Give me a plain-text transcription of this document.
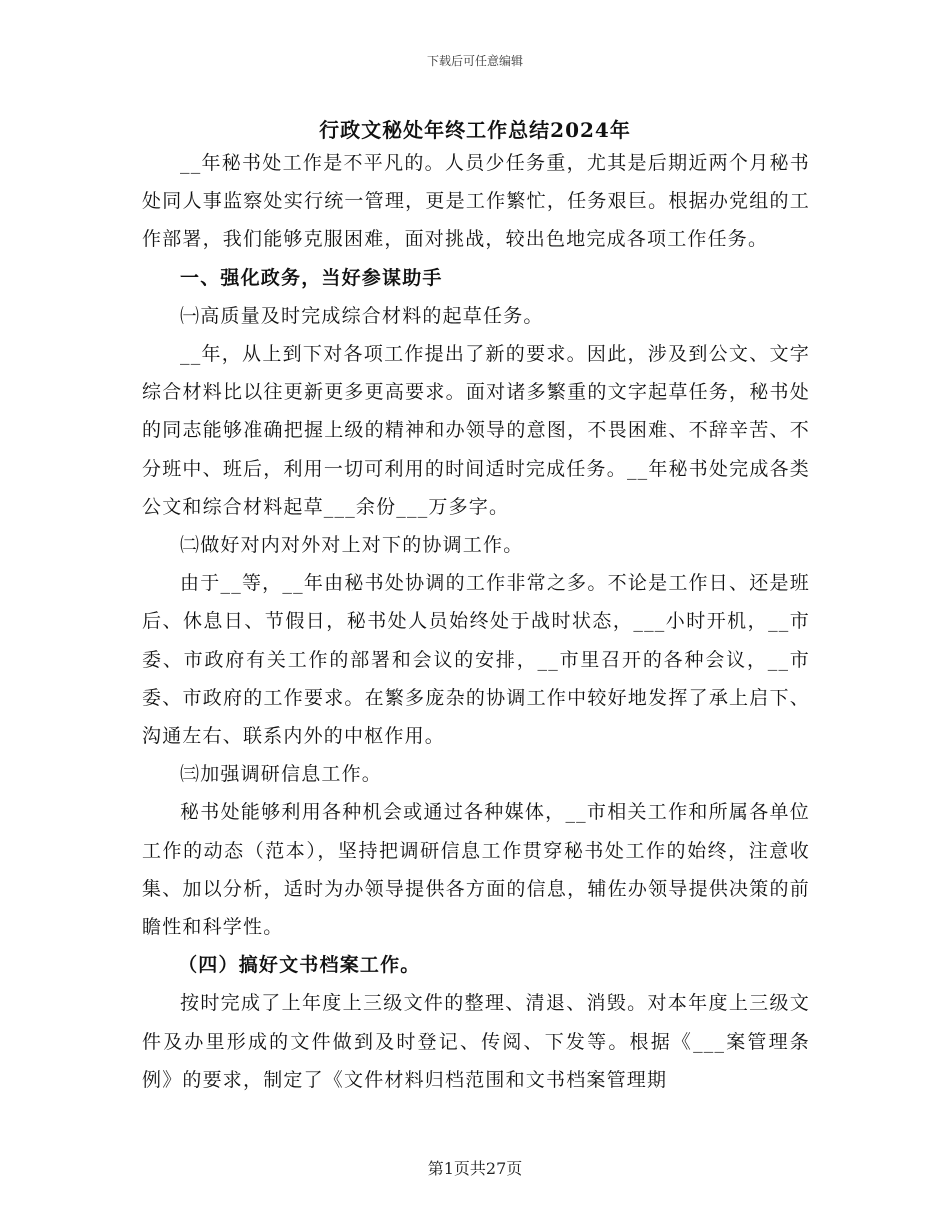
下载后可任意编辑
行政文秘处年终工作总结2024年

__年秘书处工作是不平凡的。人员少任务重，尤其是后期近两个月秘书处同人事监察处实行统一管理，更是工作繁忙，任务艰巨。根据办党组的工作部署，我们能够克服困难，面对挑战，较出色地完成各项工作任务。

一、强化政务，当好参谋助手

㈠高质量及时完成综合材料的起草任务。

__年，从上到下对各项工作提出了新的要求。因此，涉及到公文、文字综合材料比以往更新更多更高要求。面对诸多繁重的文字起草任务，秘书处的同志能够准确把握上级的精神和办领导的意图，不畏困难、不辞辛苦、不分班中、班后，利用一切可利用的时间适时完成任务。__年秘书处完成各类公文和综合材料起草___余份___万多字。

㈡做好对内对外对上对下的协调工作。

由于__等，__年由秘书处协调的工作非常之多。不论是工作日、还是班后、休息日、节假日，秘书处人员始终处于战时状态，___小时开机，__市委、市政府有关工作的部署和会议的安排，__市里召开的各种会议，__市委、市政府的工作要求。在繁多庞杂的协调工作中较好地发挥了承上启下、沟通左右、联系内外的中枢作用。

㈢加强调研信息工作。

秘书处能够利用各种机会或通过各种媒体，__市相关工作和所属各单位工作的动态（范本），坚持把调研信息工作贯穿秘书处工作的始终，注意收集、加以分析，适时为办领导提供各方面的信息，辅佐办领导提供决策的前瞻性和科学性。

（四）搞好文书档案工作。

按时完成了上年度上三级文件的整理、清退、消毁。对本年度上三级文件及办里形成的文件做到及时登记、传阅、下发等。根据《___案管理条例》的要求，制定了《文件材料归档范围和文书档案管理期

第1页共27页
